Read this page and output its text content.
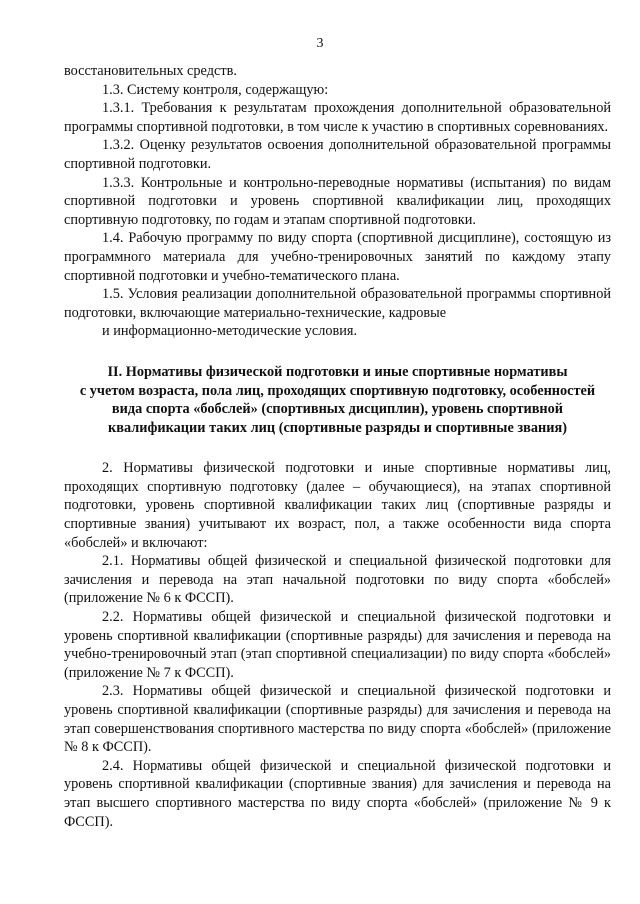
3

восстановительных средств.

1.3. Систему контроля, содержащую:

1.3.1. Требования к результатам прохождения дополнительной образовательной программы спортивной подготовки, в том числе к участию в спортивных соревнованиях.

1.3.2. Оценку результатов освоения дополнительной образовательной программы спортивной подготовки.

1.3.3. Контрольные и контрольно-переводные нормативы (испытания) по видам спортивной подготовки и уровень спортивной квалификации лиц, проходящих спортивную подготовку, по годам и этапам спортивной подготовки.

1.4. Рабочую программу по виду спорта (спортивной дисциплине), состоящую из программного материала для учебно-тренировочных занятий по каждому этапу спортивной подготовки и учебно-тематического плана.

1.5. Условия реализации дополнительной образовательной программы спортивной подготовки, включающие материально-технические, кадровые

и информационно-методические условия.

II. Нормативы физической подготовки и иные спортивные нормативы
с учетом возраста, пола лиц, проходящих спортивную подготовку, особенностей
вида спорта «бобслей» (спортивных дисциплин), уровень спортивной
квалификации таких лиц (спортивные разряды и спортивные звания)

2. Нормативы физической подготовки и иные спортивные нормативы лиц, проходящих спортивную подготовку (далее – обучающиеся), на этапах спортивной подготовки, уровень спортивной квалификации таких лиц (спортивные разряды и спортивные звания) учитывают их возраст, пол, а также особенности вида спорта «бобслей» и включают:

2.1. Нормативы общей физической и специальной физической подготовки для зачисления и перевода на этап начальной подготовки по виду спорта «бобслей» (приложение № 6 к ФССП).

2.2. Нормативы общей физической и специальной физической подготовки и уровень спортивной квалификации (спортивные разряды) для зачисления и перевода на учебно-тренировочный этап (этап спортивной специализации) по виду спорта «бобслей» (приложение № 7 к ФССП).

2.3. Нормативы общей физической и специальной физической подготовки и уровень спортивной квалификации (спортивные разряды) для зачисления и перевода на этап совершенствования спортивного мастерства по виду спорта «бобслей» (приложение № 8 к ФССП).

2.4. Нормативы общей физической и специальной физической подготовки и уровень спортивной квалификации (спортивные звания) для зачисления и перевода на этап высшего спортивного мастерства по виду спорта «бобслей» (приложение № 9 к ФССП).
